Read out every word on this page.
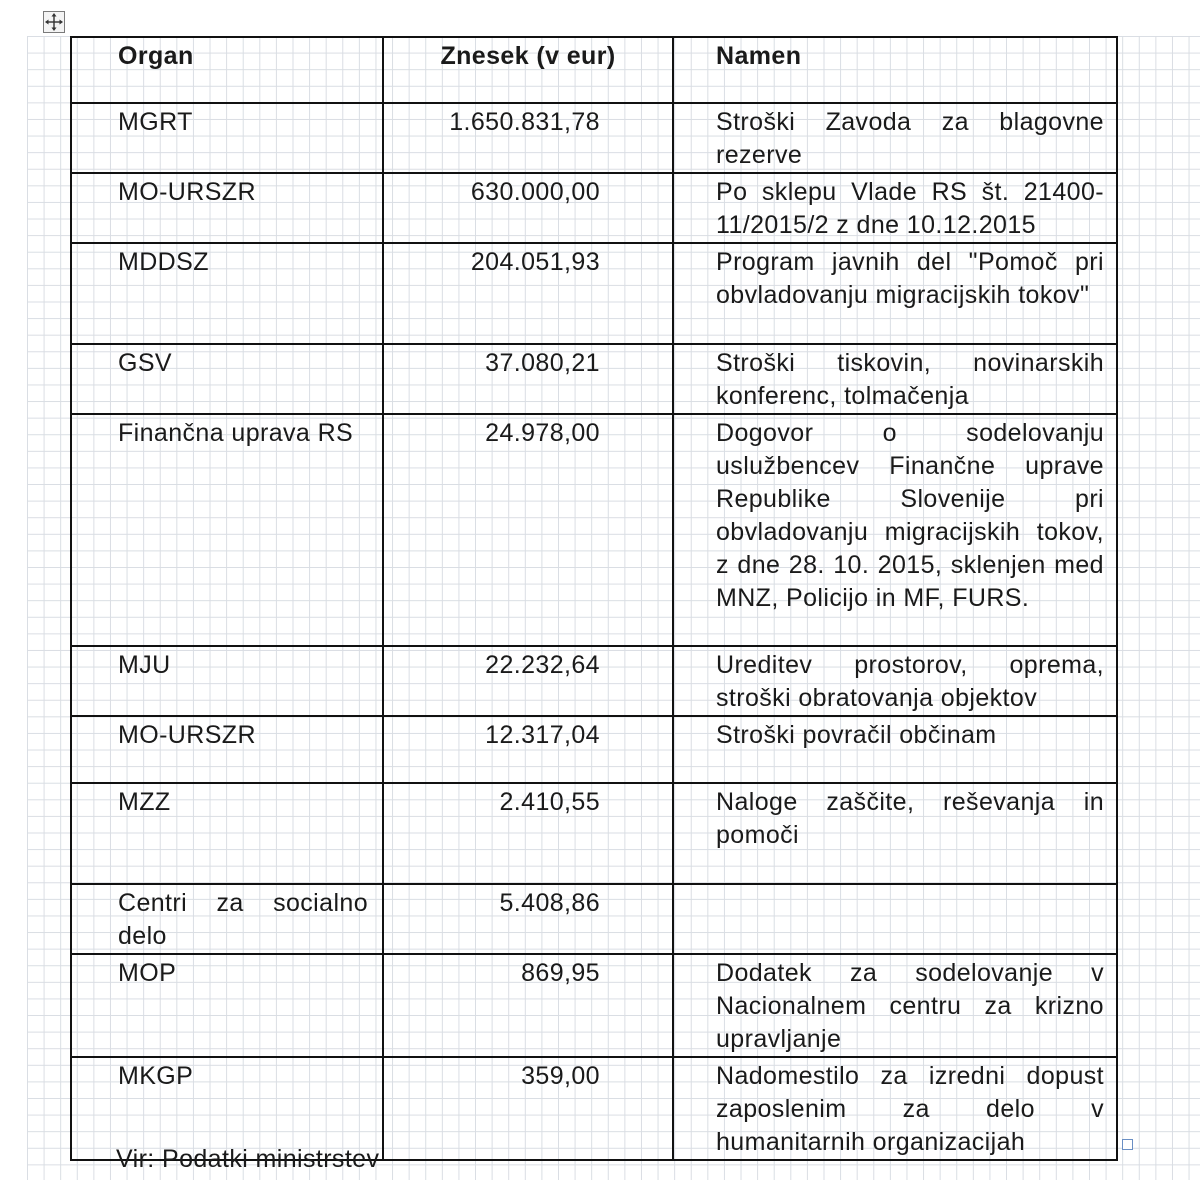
Organ	Znesek (v eur)	Namen
MGRT	1.650.831,78	Stroški Zavoda za blagovne rezerve
MO-URSZR	630.000,00	Po sklepu Vlade RS št. 21400-11/2015/2 z dne 10.12.2015
MDDSZ	204.051,93	Program javnih del "Pomoč pri obvladovanju migracijskih tokov"
GSV	37.080,21	Stroški tiskovin, novinarskih konferenc, tolmačenja
Finančna uprava RS	24.978,00	Dogovor o sodelovanju uslužbencev Finančne uprave Republike Slovenije pri obvladovanju migracijskih tokov, z dne 28. 10. 2015, sklenjen med MNZ, Policijo in MF, FURS.
MJU	22.232,64	Ureditev prostorov, oprema, stroški obratovanja objektov
MO-URSZR	12.317,04	Stroški povračil občinam
MZZ	2.410,55	Naloge zaščite, reševanja in pomoči
Centri za socialno delo	5.408,86	
MOP	869,95	Dodatek za sodelovanje v Nacionalnem centru za krizno upravljanje
MKGP	359,00	Nadomestilo za izredni dopust zaposlenim za delo v humanitarnih organizacijah
Vir: Podatki ministrstev
